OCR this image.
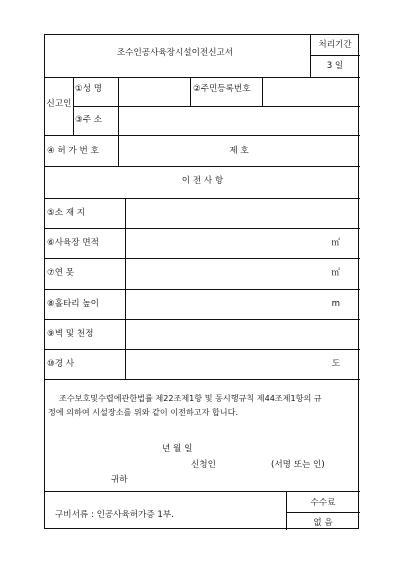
조수인공사육장시설이전신고서
처리기간
3 일
신고인
①성 명	②주민등록번호
③주 소
④ 허 가 번 호	제 호
이 전 사 항
⑤소 재 지
⑥사육장 면적	㎡
⑦연 못	㎡
⑧홀타리 높이	m
⑨벽 및 천정
⑩경 사	도
조수보호및수렵에관한법률 제22조제1항 및 동시행규칙 제44조제1항의 규
정에 의하여 시설장소를 위와 같이 이전하고자 합니다.
년 월 일
신청인	(서명 또는 인)
귀하
구비서류 : 인공사육허가증 1부.
수수료
없 음
